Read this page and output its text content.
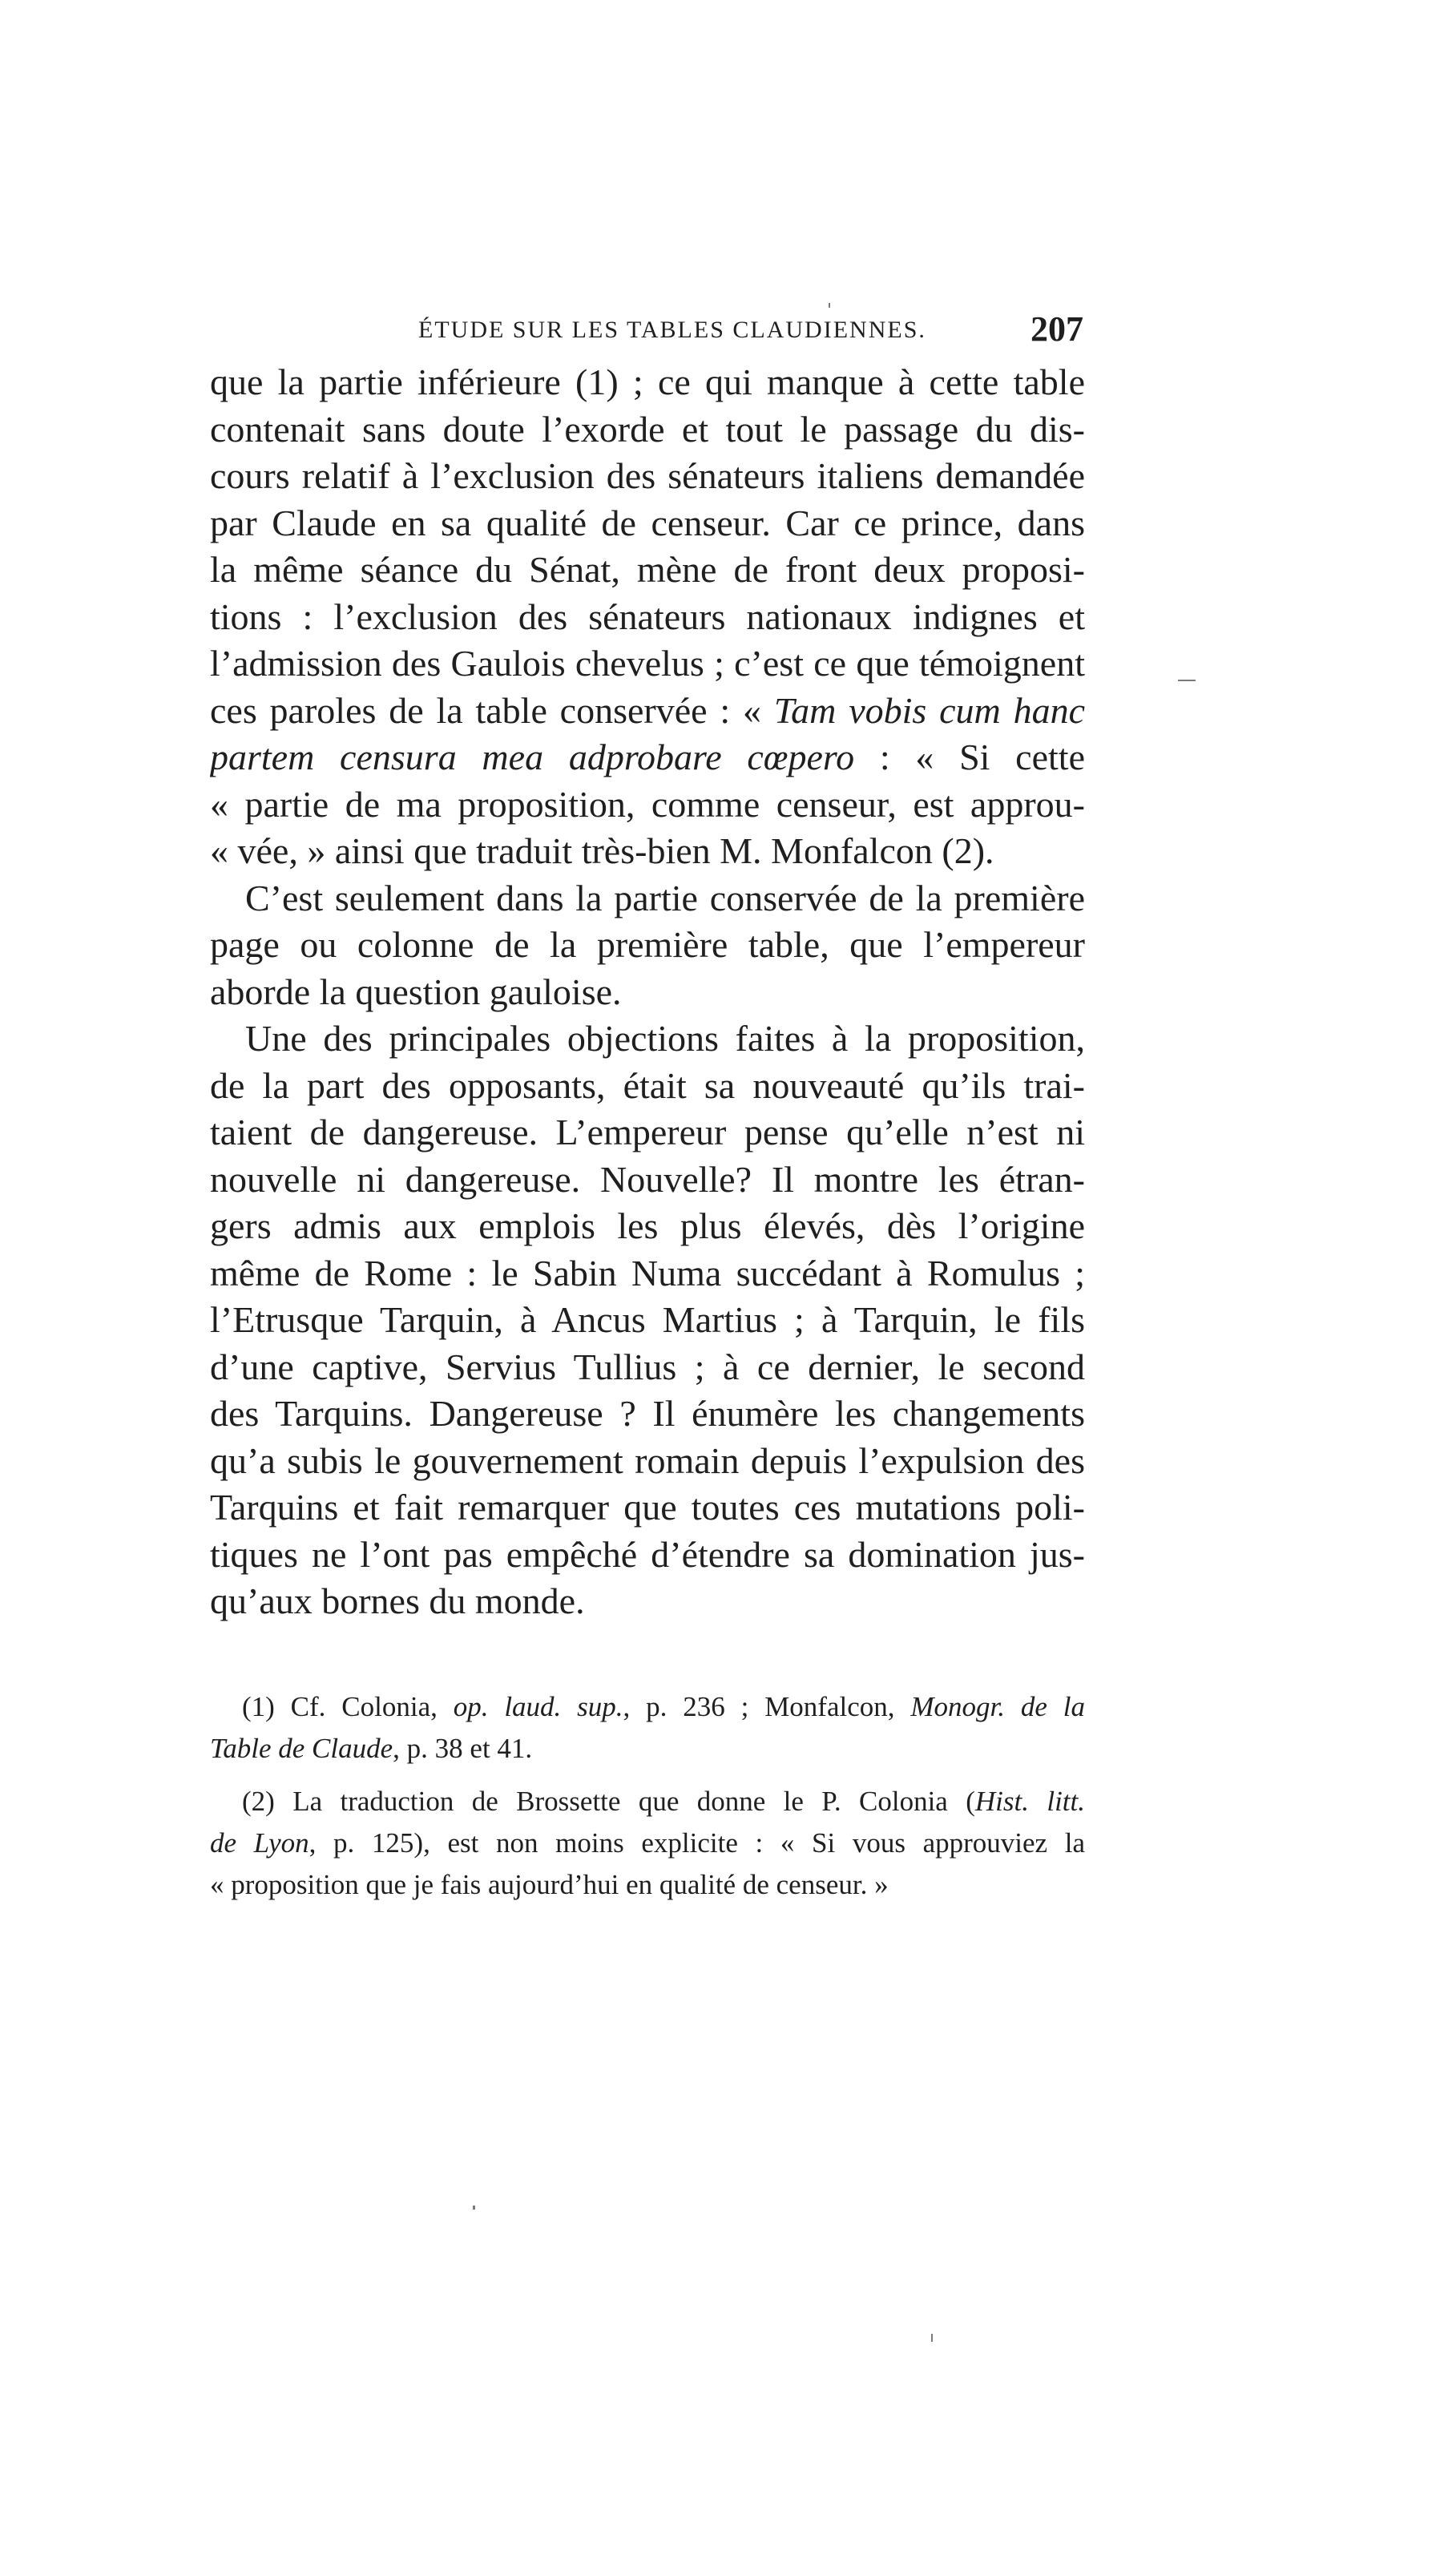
ÉTUDE SUR LES TABLES CLAUDIENNES.	207
que la partie inférieure (1) ; ce qui manque à cette table
contenait sans doute l’exorde et tout le passage du dis-
cours relatif à l’exclusion des sénateurs italiens demandée
par Claude en sa qualité de censeur. Car ce prince, dans
la même séance du Sénat, mène de front deux proposi-
tions : l’exclusion des sénateurs nationaux indignes et
l’admission des Gaulois chevelus ; c’est ce que témoignent
ces paroles de la table conservée : « Tam vobis cum hanc
partem censura mea adprobare cœpero : « Si cette
« partie de ma proposition, comme censeur, est approu-
« vée, » ainsi que traduit très-bien M. Monfalcon (2).
C’est seulement dans la partie conservée de la première
page ou colonne de la première table, que l’empereur
aborde la question gauloise.
Une des principales objections faites à la proposition,
de la part des opposants, était sa nouveauté qu’ils trai-
taient de dangereuse. L’empereur pense qu’elle n’est ni
nouvelle ni dangereuse. Nouvelle? Il montre les étran-
gers admis aux emplois les plus élevés, dès l’origine
même de Rome : le Sabin Numa succédant à Romulus ;
l’Etrusque Tarquin, à Ancus Martius ; à Tarquin, le fils
d’une captive, Servius Tullius ; à ce dernier, le second
des Tarquins. Dangereuse ? Il énumère les changements
qu’a subis le gouvernement romain depuis l’expulsion des
Tarquins et fait remarquer que toutes ces mutations poli-
tiques ne l’ont pas empêché d’étendre sa domination jus-
qu’aux bornes du monde.
(1) Cf. Colonia, op. laud. sup., p. 236 ; Monfalcon, Monogr. de la
Table de Claude, p. 38 et 41.
(2) La traduction de Brossette que donne le P. Colonia (Hist. litt.
de Lyon, p. 125), est non moins explicite : « Si vous approuviez la
« proposition que je fais aujourd’hui en qualité de censeur. »
